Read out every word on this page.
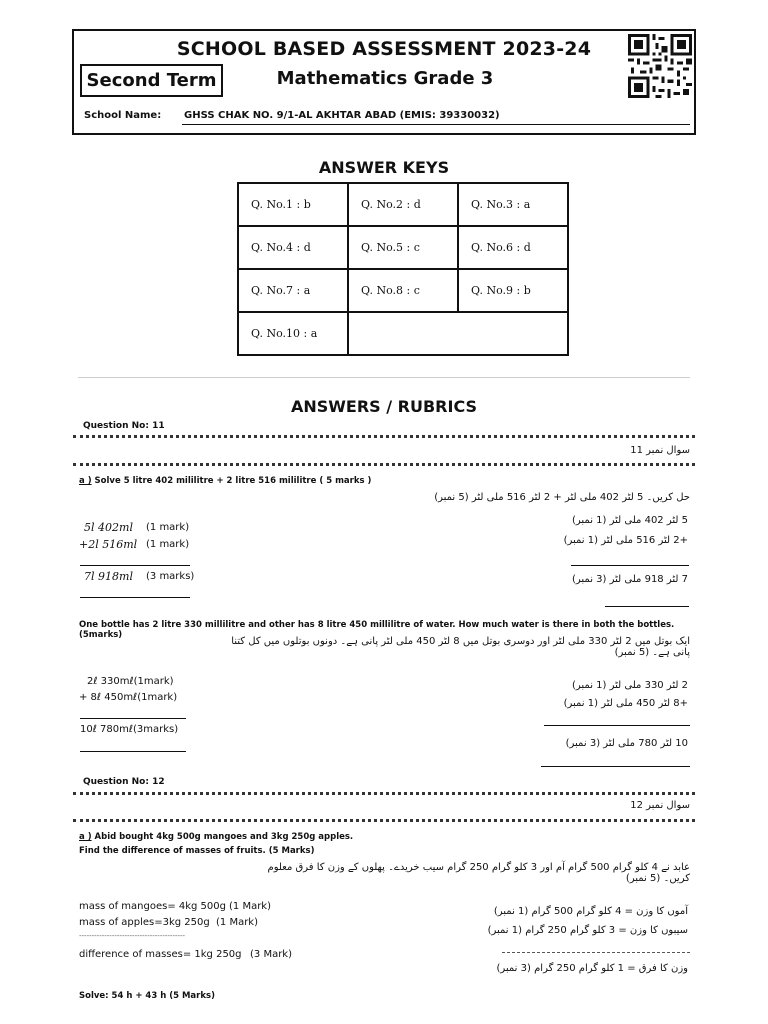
SCHOOL BASED ASSESSMENT 2023-24
Second Term	Mathematics Grade 3
School Name: GHSS CHAK NO. 9/1-AL AKHTAR ABAD (EMIS: 39330032)
ANSWER KEYS
Q. No.1 : b	Q. No.2 : d	Q. No.3 : a
Q. No.4 : d	Q. No.5 : c	Q. No.6 : d
Q. No.7 : a	Q. No.8 : c	Q. No.9 : b
Q. No.10 : a		
ANSWERS / RUBRICS
Question No: 11
سوال نمبر 11
a ) Solve 5 litre 402 mililitre + 2 litre 516 mililitre ( 5 marks )
حل کریں۔ 5 لٹر 402 ملی لٹر + 2 لٹر 516 ملی لٹر (5 نمبر)
5l 402ml (1 mark)
+2l 516ml (1 mark)
7l 918ml (3 marks)
5 لٹر 402 ملی لٹر (1 نمبر)
+2 لٹر 516 ملی لٹر (1 نمبر)
7 لٹر 918 ملی لٹر (3 نمبر)
One bottle has 2 litre 330 millilitre and other has 8 litre 450 millilitre of water. How much water is there in both the bottles.(5marks)
ایک بوتل میں 2 لٹر 330 ملی لٹر اور دوسری بوتل میں 8 لٹر 450 ملی لٹر پانی ہے۔ دونوں بوتلوں میں کل کتنا پانی ہے۔ (5 نمبر)
2ℓ 330mℓ(1mark)
+ 8ℓ 450mℓ(1mark)
10ℓ 780mℓ(3marks)
2 لٹر 330 ملی لٹر (1 نمبر)
+8 لٹر 450 ملی لٹر (1 نمبر)
10 لٹر 780 ملی لٹر (3 نمبر)
Question No: 12
سوال نمبر 12
a ) Abid bought 4kg 500g mangoes and 3kg 250g apples.
Find the difference of masses of fruits. (5 Marks)
عابد نے 4 کلو گرام 500 گرام آم اور 3 کلو گرام 250 گرام سیب خریدے۔ پھلوں کے وزن کا فرق معلوم کریں۔ (5 نمبر)
mass of mangoes= 4kg 500g (1 Mark)
mass of apples=3kg 250g (1 Mark)
------------------------------------------
difference of masses= 1kg 250g (3 Mark)
آموں کا وزن = 4 کلو گرام 500 گرام (1 نمبر)
سیبوں کا وزن = 3 کلو گرام 250 گرام (1 نمبر)
وزن کا فرق = 1 کلو گرام 250 گرام (3 نمبر)
Solve: 54 h + 43 h (5 Marks)
